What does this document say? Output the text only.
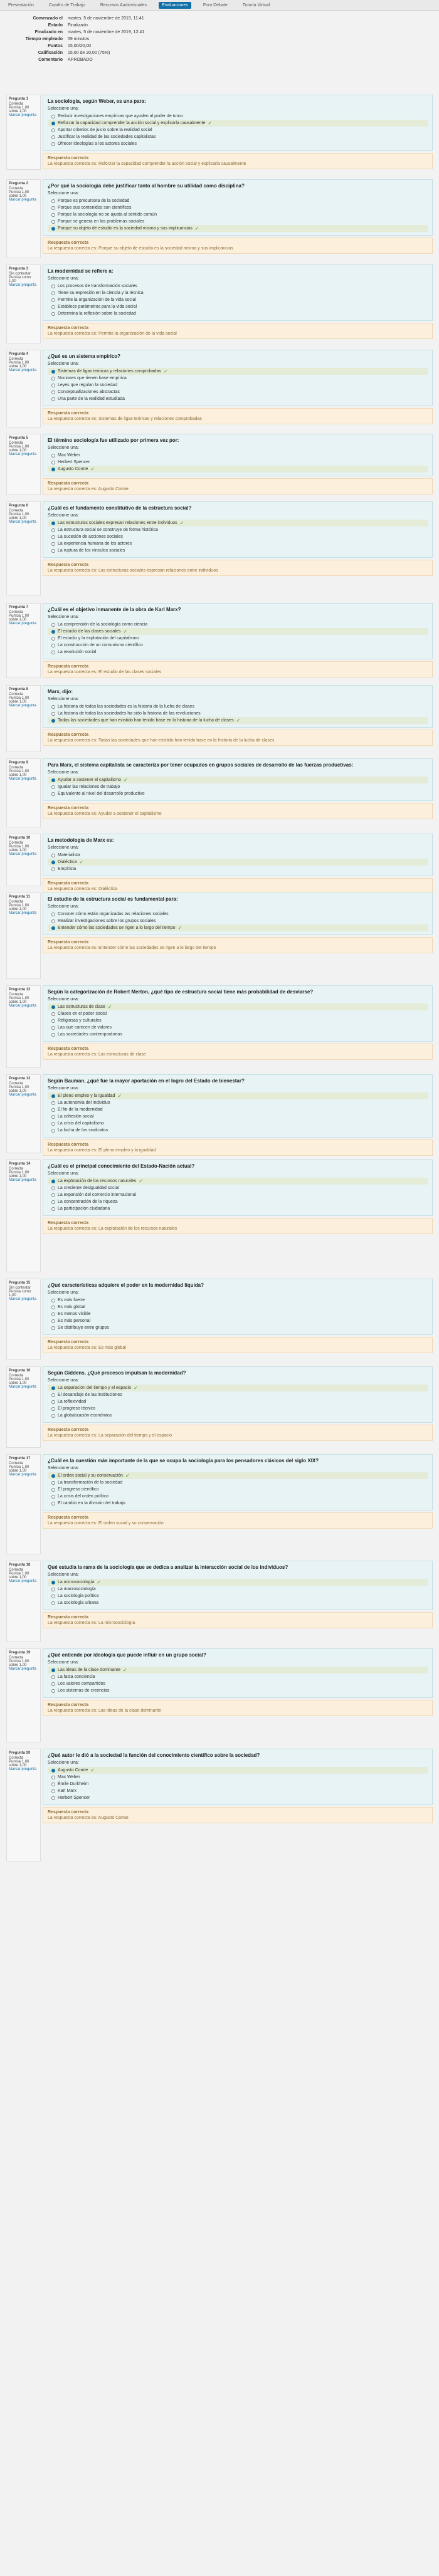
Presentación	Cuadro de Trabajo	Recursos Audiovisuales	Evaluaciones	Foro Debate	Tutoría Virtual
Comenzado el	martes, 5 de noviembre de 2019, 11:41
Estado	Finalizado
Finalizado en	martes, 5 de noviembre de 2019, 12:41
Tiempo empleado	59 minutos
Puntos	15,00/20,00
Calificación	15,00 de 20,00 (75%)
Comentario	APROBADO
Pregunta 1
Correcta
Puntúa 1,00 sobre 1,00
Marcar pregunta
La sociología, según Weber, es una para:
Seleccione una:
Reducir investigaciones empíricas que ayuden al poder de turno
Reforzar la capacidad comprender la acción social y explicarla causalmente ✓
Aportar criterios de juicio sobre la realidad social
Justificar la realidad de las sociedades capitalistas
Ofrecer ideologías a los actores sociales
Respuesta correcta
La respuesta correcta es: Reforzar la capacidad comprender la acción social y explicarla causalmente
Pregunta 2
Correcta
Puntúa 1,00 sobre 1,00
Marcar pregunta
¿Por qué la sociología debe justificar tanto al hombre su utilidad como disciplina?
Seleccione una:
Porque es precursora de la sociedad
Porque sus contenidos son científicos
Porque la sociología no se ajusta al sentido común
Porque se genera en los problemas sociales
Porque su objeto de estudio es la sociedad misma y sus implicancias ✓
Respuesta correcta
La respuesta correcta es: Porque su objeto de estudio es la sociedad misma y sus implicancias
Pregunta 3
Sin contestar
Puntúa como 1,00
Marcar pregunta
La modernidad se refiere a:
Seleccione una:
Los procesos de transformación sociales
Tiene su expresión en la ciencia y la técnica
Permite la organización de la vida social
Establece parámetros para la vida social
Determina la reflexión sobre la sociedad
Respuesta correcta
La respuesta correcta es: Permite la organización de la vida social
Pregunta 4
Correcta
Puntúa 1,00 sobre 1,00
Marcar pregunta
¿Qué es un sistema empírico?
Seleccione una:
Sistemas de ligas teóricas y relaciones comprobadas ✓
Nociones que tienen base empírica
Leyes que regulan la sociedad
Conceptualizaciones abstractas
Una parte de la realidad estudiada
Respuesta correcta
La respuesta correcta es: Sistemas de ligas teóricas y relaciones comprobadas
Pregunta 5
Correcta
Puntúa 1,00 sobre 1,00
Marcar pregunta
El término sociología fue utilizado por primera vez por:
Seleccione una:
Max Weber
Herbert Spencer
Augusto Comte ✓
Respuesta correcta
La respuesta correcta es: Augusto Comte
Pregunta 6
Correcta
Puntúa 1,00 sobre 1,00
Marcar pregunta
¿Cuál es el fundamento constitutivo de la estructura social?
Seleccione una:
Las estructuras sociales expresan relaciones entre individuos ✓
La estructura social se construye de forma histórica
La sucesión de acciones sociales
La experiencia humana de los actores
La ruptura de los vínculos sociales
Respuesta correcta
La respuesta correcta es: Las estructuras sociales expresan relaciones entre individuos
Pregunta 7
Correcta
Puntúa 1,00 sobre 1,00
Marcar pregunta
¿Cuál es el objetivo inmanente de la obra de Karl Marx?
Seleccione una:
La comprensión de la sociología como ciencia
El estudio de las clases sociales ✓
El estudio y la explotación del capitalismo
La construcción de un comunismo científico
La revolución social
Respuesta correcta
La respuesta correcta es: El estudio de las clases sociales
Pregunta 8
Correcta
Puntúa 1,00 sobre 1,00
Marcar pregunta
Marx, dijo:
Seleccione una:
La historia de todas las sociedades es la historia de la lucha de clases
La historia de todas las sociedades ha sido la historia de las revoluciones
Todas las sociedades que han existido han tenido base en la historia de la lucha de clases ✓
Respuesta correcta
La respuesta correcta es: Todas las sociedades que han existido han tenido base en la historia de la lucha de clases
Pregunta 9
Correcta
Puntúa 1,00 sobre 1,00
Marcar pregunta
Para Marx, el sistema capitalista se caracteriza por tener ocupados en grupos sociales de desarrollo de las fuerzas productivas:
Seleccione una:
Ayudar a sostener el capitalismo ✓
Igualar las relaciones de trabajo
Equivalente al nivel del desarrollo productivo
Respuesta correcta
La respuesta correcta es: Ayudar a sostener el capitalismo
Pregunta 10
Correcta
Puntúa 1,00 sobre 1,00
Marcar pregunta
La metodología de Marx es:
Seleccione una:
Materialista
Dialéctica ✓
Empirista
Respuesta correcta
La respuesta correcta es: Dialéctica
Pregunta 11
Correcta
Puntúa 1,00 sobre 1,00
Marcar pregunta
El estudio de la estructura social es fundamental para:
Seleccione una:
Conocer cómo están organizadas las relaciones sociales
Realizar investigaciones sobre los grupos sociales
Entender cómo las sociedades se rigen a lo largo del tiempo ✓
Respuesta correcta
La respuesta correcta es: Entender cómo las sociedades se rigen a lo largo del tiempo
Pregunta 12
Correcta
Puntúa 1,00 sobre 1,00
Marcar pregunta
Según la categorización de Robert Merton, ¿qué tipo de estructura social tiene más probabilidad de desviarse?
Seleccione una:
Las estructuras de clase ✓
Clases en el poder social
Religiosas y culturales
Las que carecen de valores
Las sociedades contemporáneas
Respuesta correcta
La respuesta correcta es: Las estructuras de clase
Pregunta 13
Correcta
Puntúa 1,00 sobre 1,00
Marcar pregunta
Según Bauman, ¿qué fue la mayor aportación en el logro del Estado de bienestar?
Seleccione una:
El pleno empleo y la igualdad ✓
La autonomía del individuo
El fin de la modernidad
La cohesión social
La crisis del capitalismo
La lucha de los sindicatos
Respuesta correcta
La respuesta correcta es: El pleno empleo y la igualdad
Pregunta 14
Correcta
Puntúa 1,00 sobre 1,00
Marcar pregunta
¿Cuál es el principal conocimiento del Estado-Nación actual?
Seleccione una:
La explotación de los recursos naturales ✓
La creciente desigualdad social
La expansión del comercio internacional
La concentración de la riqueza
La participación ciudadana
Respuesta correcta
La respuesta correcta es: La explotación de los recursos naturales
Pregunta 15
Sin contestar
Puntúa como 1,00
Marcar pregunta
¿Qué características adquiere el poder en la modernidad líquida?
Seleccione una:
Es más fuerte
Es más global
Es menos visible
Es más personal
Se distribuye entre grupos
Respuesta correcta
La respuesta correcta es: Es más global
Pregunta 16
Correcta
Puntúa 1,00 sobre 1,00
Marcar pregunta
Según Giddens, ¿Qué procesos impulsan la modernidad?
Seleccione una:
La separación del tiempo y el espacio ✓
El desanclaje de las instituciones
La reflexividad
El progreso técnico
La globalización económica
Respuesta correcta
La respuesta correcta es: La separación del tiempo y el espacio
Pregunta 17
Correcta
Puntúa 1,00 sobre 1,00
Marcar pregunta
¿Cuál es la cuestión más importante de la que se ocupa la sociología para los pensadores clásicos del siglo XIX?
Seleccione una:
El orden social y su conservación ✓
La transformación de la sociedad
El progreso científico
La crisis del orden político
El cambio en la división del trabajo
Respuesta correcta
La respuesta correcta es: El orden social y su conservación
Pregunta 18
Correcta
Puntúa 1,00 sobre 1,00
Marcar pregunta
Qué estudia la rama de la sociología que se dedica a analizar la interacción social de los individuos?
Seleccione una:
La microsociología ✓
La macrosociología
La sociología política
La sociología urbana
Respuesta correcta
La respuesta correcta es: La microsociología
Pregunta 19
Correcta
Puntúa 1,00 sobre 1,00
Marcar pregunta
¿Qué entiende por ideología que puede influir en un grupo social?
Seleccione una:
Las ideas de la clase dominante ✓
La falsa conciencia
Los valores compartidos
Los sistemas de creencias
Respuesta correcta
La respuesta correcta es: Las ideas de la clase dominante
Pregunta 20
Correcta
Puntúa 1,00 sobre 1,00
Marcar pregunta
¿Qué autor le dió a la sociedad la función del conocimiento científico sobre la sociedad?
Seleccione una:
Augusto Comte ✓
Max Weber
Émile Durkheim
Karl Marx
Herbert Spencer
Respuesta correcta
La respuesta correcta es: Augusto Comte
